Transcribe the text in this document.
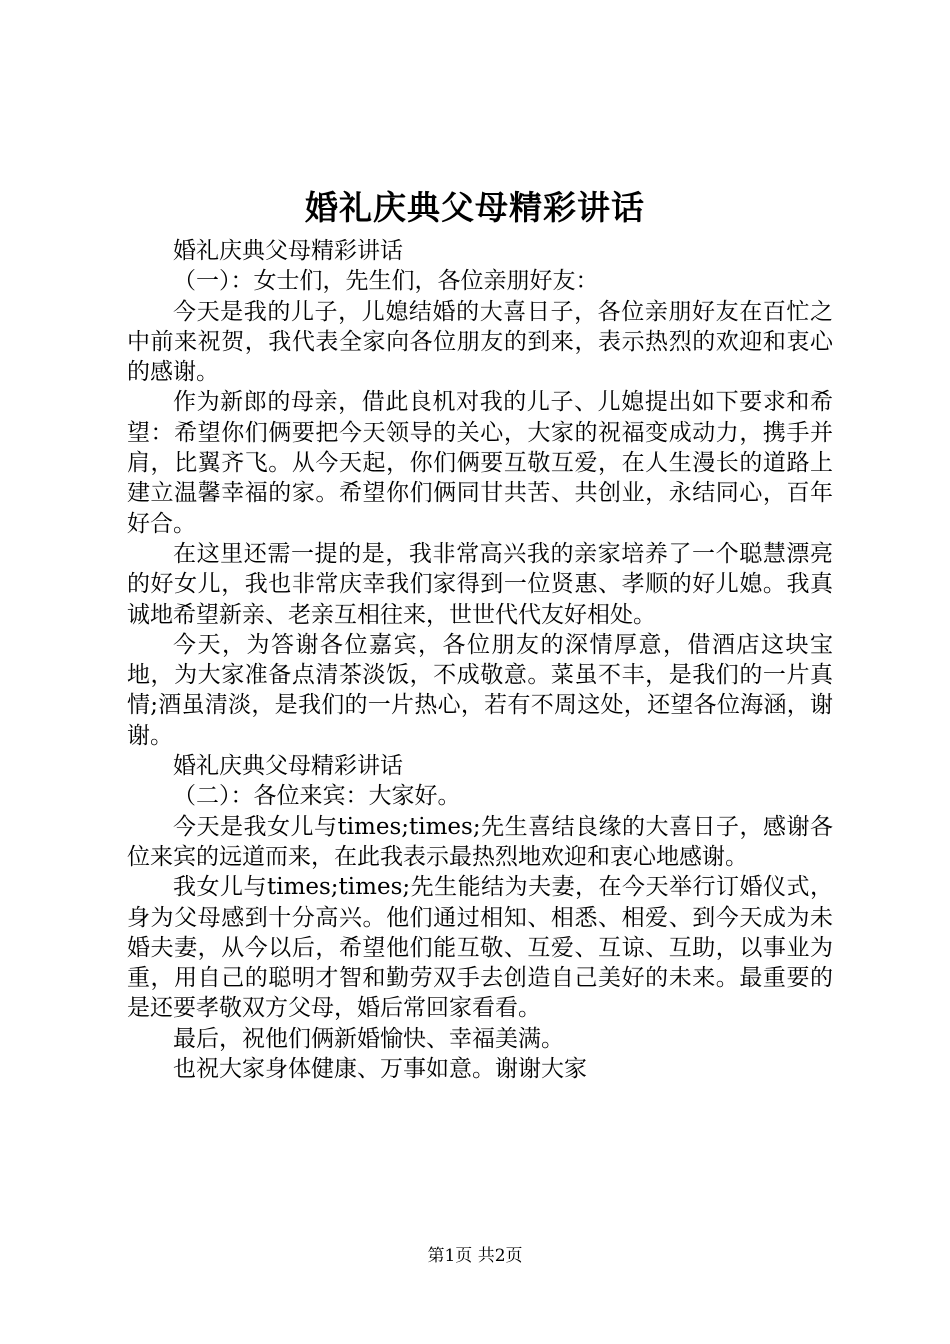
婚礼庆典父母精彩讲话

婚礼庆典父母精彩讲话

（一）：女士们，先生们，各位亲朋好友：

今天是我的儿子，儿媳结婚的大喜日子，各位亲朋好友在百忙之中前来祝贺，我代表全家向各位朋友的到来，表示热烈的欢迎和衷心的感谢。

作为新郎的母亲，借此良机对我的儿子、儿媳提出如下要求和希望：希望你们俩要把今天领导的关心，大家的祝福变成动力，携手并肩，比翼齐飞。从今天起，你们俩要互敬互爱，在人生漫长的道路上建立温馨幸福的家。希望你们俩同甘共苦、共创业，永结同心，百年好合。

在这里还需一提的是，我非常高兴我的亲家培养了一个聪慧漂亮的好女儿，我也非常庆幸我们家得到一位贤惠、孝顺的好儿媳。我真诚地希望新亲、老亲互相往来，世世代代友好相处。

今天，为答谢各位嘉宾，各位朋友的深情厚意，借酒店这块宝地，为大家准备点清茶淡饭，不成敬意。菜虽不丰，是我们的一片真情;酒虽清淡，是我们的一片热心，若有不周这处，还望各位海涵，谢谢。

婚礼庆典父母精彩讲话

（二）：各位来宾：大家好。

今天是我女儿与times;times;先生喜结良缘的大喜日子，感谢各位来宾的远道而来，在此我表示最热烈地欢迎和衷心地感谢。

我女儿与times;times;先生能结为夫妻，在今天举行订婚仪式，身为父母感到十分高兴。他们通过相知、相悉、相爱、到今天成为未婚夫妻，从今以后，希望他们能互敬、互爱、互谅、互助，以事业为重，用自己的聪明才智和勤劳双手去创造自己美好的未来。最重要的是还要孝敬双方父母，婚后常回家看看。

最后，祝他们俩新婚愉快、幸福美满。

也祝大家身体健康、万事如意。谢谢大家

第1页 共2页
